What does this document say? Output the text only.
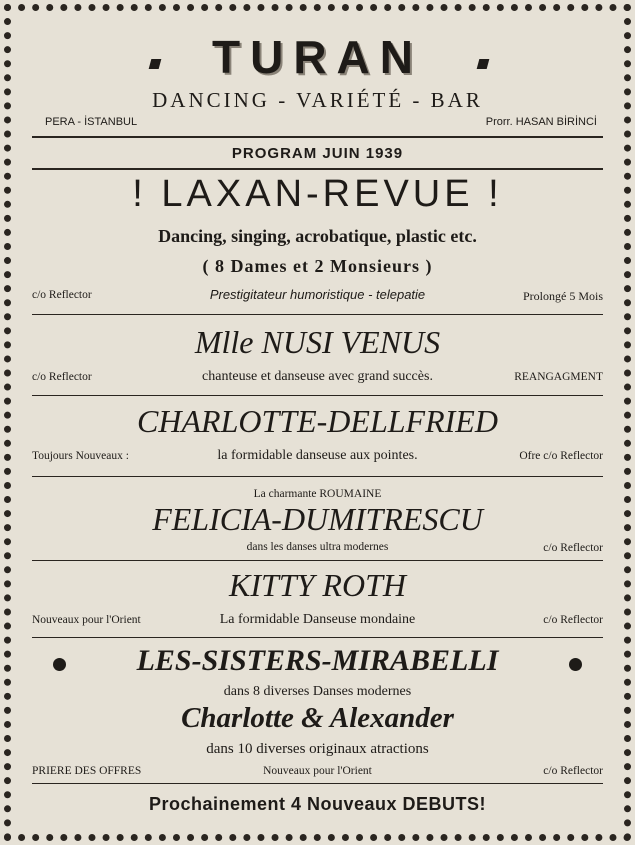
TURAN
DANCING - VARIÉTÉ - BAR
PERA - İSTANBUL	Prorr. HASAN BİRİNCİ
PROGRAM JUIN 1939
! LAXAN-REVUE !
Dancing, singing, acrobatique, plastic etc.
( 8 Dames et 2 Monsieurs )
c/o Reflector	Prestigitateur humoristique - telepatie	Prolongé 5 Mois
Mlle NUSI VENUS
c/o Reflector	chanteuse et danseuse avec grand succès.	REANGAGMENT
CHARLOTTE-DELLFRIED
Toujours Nouveaux :	la formidable danseuse aux pointes.	Ofre c/o Reflector
La charmante ROUMAINE
FELICIA-DUMITRESCU
dans les danses ultra modernes	c/o Reflector
KITTY ROTH
Nouveaux pour l'Orient	La formidable Danseuse mondaine	c/o Reflector
LES-SISTERS-MIRABELLI
dans 8 diverses Danses modernes
Charlotte & Alexander
dans 10 diverses originaux atractions
PRIERE DES OFFRES	Nouveaux pour l'Orient	c/o Reflector
Prochainement 4 Nouveaux DEBUTS!
